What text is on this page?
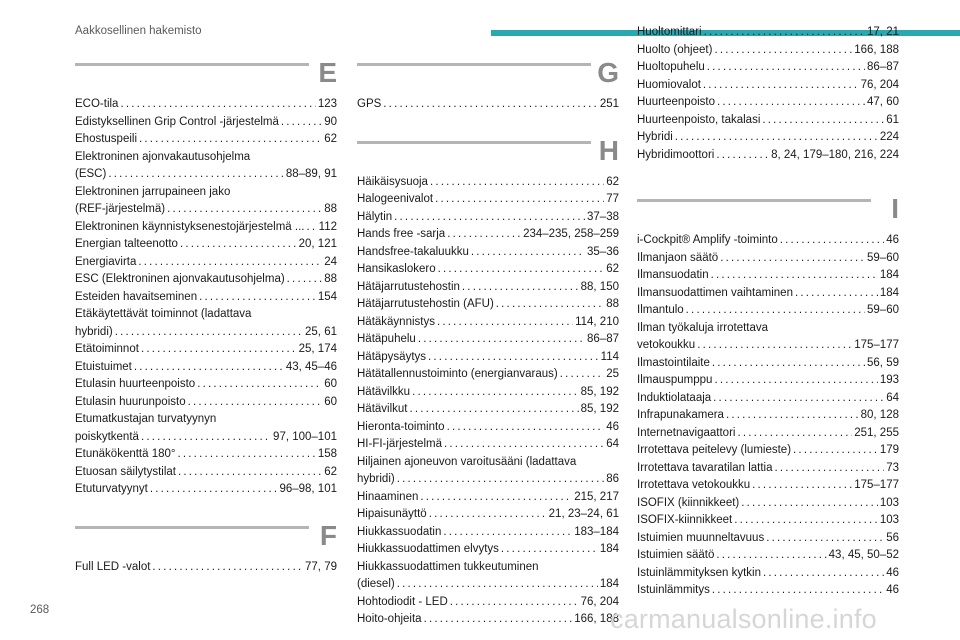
Aakkosellinen hakemisto
E
ECO-tila . . .	123
Edistyksellinen Grip Control -järjestelmä . . .	90
Ehostuspeili . . .	62
Elektroninen ajonvakautusohjelma
(ESC) . . .	88–89, 91
Elektroninen jarrupaineen jako
(REF-järjestelmä) . . .	88
Elektroninen käynnistyksenestojärjestelmä ... . . . 112
Energian talteenotto . . .	20, 121
Energiavirta . . .	24
ESC (Elektroninen ajonvakautusohjelma) . . .	88
Esteiden havaitseminen . . .	154
Etäkäytettävät toiminnot (ladattava
hybridi) . . .	25, 61
Etätoiminnot . . .	25, 174
Etuistuimet . . .	43, 45–46
Etulasin huurteenpoisto . . .	60
Etulasin huurunpoisto . . .	60
Etumatkustajan turvatyynyn
poiskytkentä . . .	97, 100–101
Etunäkökenttä 180° . . .	158
Etuosan säilytystilat . . .	62
Etuturvatyynyt . . .	96–98, 101
F
Full LED -valot . . .	77, 79
G
GPS . . .	251
H
Häikäisysuoja . . .	62
Halogeenivalot . . .	77
Hälytin . . .	37–38
Hands free -sarja . . .	234–235, 258–259
Handsfree-takaluukku . . .	35–36
Hansikaslokero . . .	62
Hätäjarrutustehostin . . .	88, 150
Hätäjarrutustehostin (AFU) . . .	88
Hätäkäynnistys . . .	114, 210
Hätäpuhelu . . .	86–87
Hätäpysäytys . . .	114
Hätätallennustoiminto (energianvaraus) . . .	25
Hätävilkku . . .	85, 192
Hätävilkut . . .	85, 192
Hieronta-toiminto . . .	46
HI-FI-järjestelmä . . .	64
Hiljainen ajoneuvon varoitusääni (ladattava
hybridi) . . .	86
Hinaaminen . . .	215, 217
Hipaisunäyttö . . .	21, 23–24, 61
Hiukkassuodatin . . .	183–184
Hiukkassuodattimen elvytys . . .	184
Hiukkassuodattimen tukkeutuminen
(diesel) . . .	184
Hohtodiodit - LED . . .	76, 204
Hoito-ohjeita . . .	166, 188
Huoltomittari . . .	17, 21
Huolto (ohjeet) . . .	166, 188
Huoltopuhelu . . .	86–87
Huomiovalot . . .	76, 204
Huurteenpoisto . . .	47, 60
Huurteenpoisto, takalasi . . .	61
Hybridi . . .	224
Hybridimoottori . . .	8, 24, 179–180, 216, 224
I
i-Cockpit® Amplify -toiminto . . .	46
Ilmanjaon säätö . . .	59–60
Ilmansuodatin . . .	184
Ilmansuodattimen vaihtaminen . . .	184
Ilmantulo . . .	59–60
Ilman työkaluja irrotettava
vetokoukku . . .	175–177
Ilmastointilaite . . .	56, 59
Ilmauspumppu . . .	193
Induktiolataaja . . .	64
Infrapunakamera . . .	80, 128
Internetnavigaattori . . .	251, 255
Irrotettava peitelevy (lumieste) . . .	179
Irrotettava tavaratilan lattia . . .	73
Irrotettava vetokoukku . . .	175–177
ISOFIX (kiinnikkeet) . . .	103
ISOFIX-kiinnikkeet . . .	103
Istuimien muunneltavuus . . .	56
Istuimien säätö . . .	43, 45, 50–52
Istuinlämmityksen kytkin . . .	46
Istuinlämmitys . . .	46
268	carmanualsonline.info
